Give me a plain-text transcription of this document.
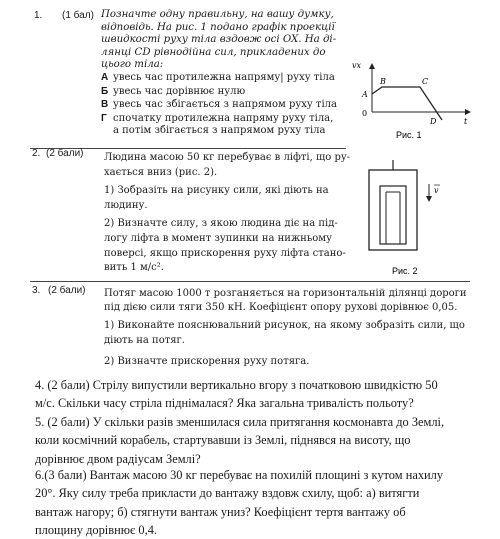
1. (1 бал) Позначте одну правильну, на вашу думку,
відповідь. На рис. 1 подано графік проекції
швидкості руху тіла вздовж осі OX. На ді-
лянці CD рівнодійна сил, прикладених до
цього тіла:
А увесь час протилежна напряму| руху тіла
Б увесь час дорівнює нулю
В увесь час збігається з напрямом руху тіла
Г спочатку протилежна напряму руху тіла,
а потім збігається з напрямом руху тіла
vx
t
0
A
B	C
D
Рис. 1
2. (2 бали) Людина масою 50 кг перебуває в ліфті, що ру-
хається вниз (рис. 2).
1) Зобразіть на рисунку сили, які діють на
людину.
2) Визначте силу, з якою людина діє на під-
логу ліфта в момент зупинки на нижньому
поверсі, якщо прискорення руху ліфта стано-
вить 1 м/с².
v
Рис. 2
3. (2 бали) Потяг масою 1000 т розганяється на горизонтальній ділянці дороги
під дією сили тяги 350 кН. Коефіцієнт опору руховi дорівнює 0,05.
1) Виконайте пояснювальний рисунок, на якому зобразіть сили, що
діють на потяг.
2) Визначте прискорення руху потяга.
4. (2 бали) Стрілу випустили вертикально вгору з початковою швидкістю 50
м/с. Скільки часу стріла піднімалася? Яка загальна тривалість польоту?
5. (2 бали) У скільки разів зменшилася сила притягання космонавта до Землі,
коли космічний корабель, стартувавши із Землі, піднявся на висоту, що
дорівнює двом радіусам Землі?
6.(3 бали) Вантаж масою 30 кг перебуває на похилій площині з кутом нахилу
20°. Яку силу треба прикласти до вантажу вздовж схилу, щоб: а) витягти
вантаж нагору; б) стягнути вантаж униз? Коефіцієнт тертя вантажу об
площину дорівнює 0,4.
